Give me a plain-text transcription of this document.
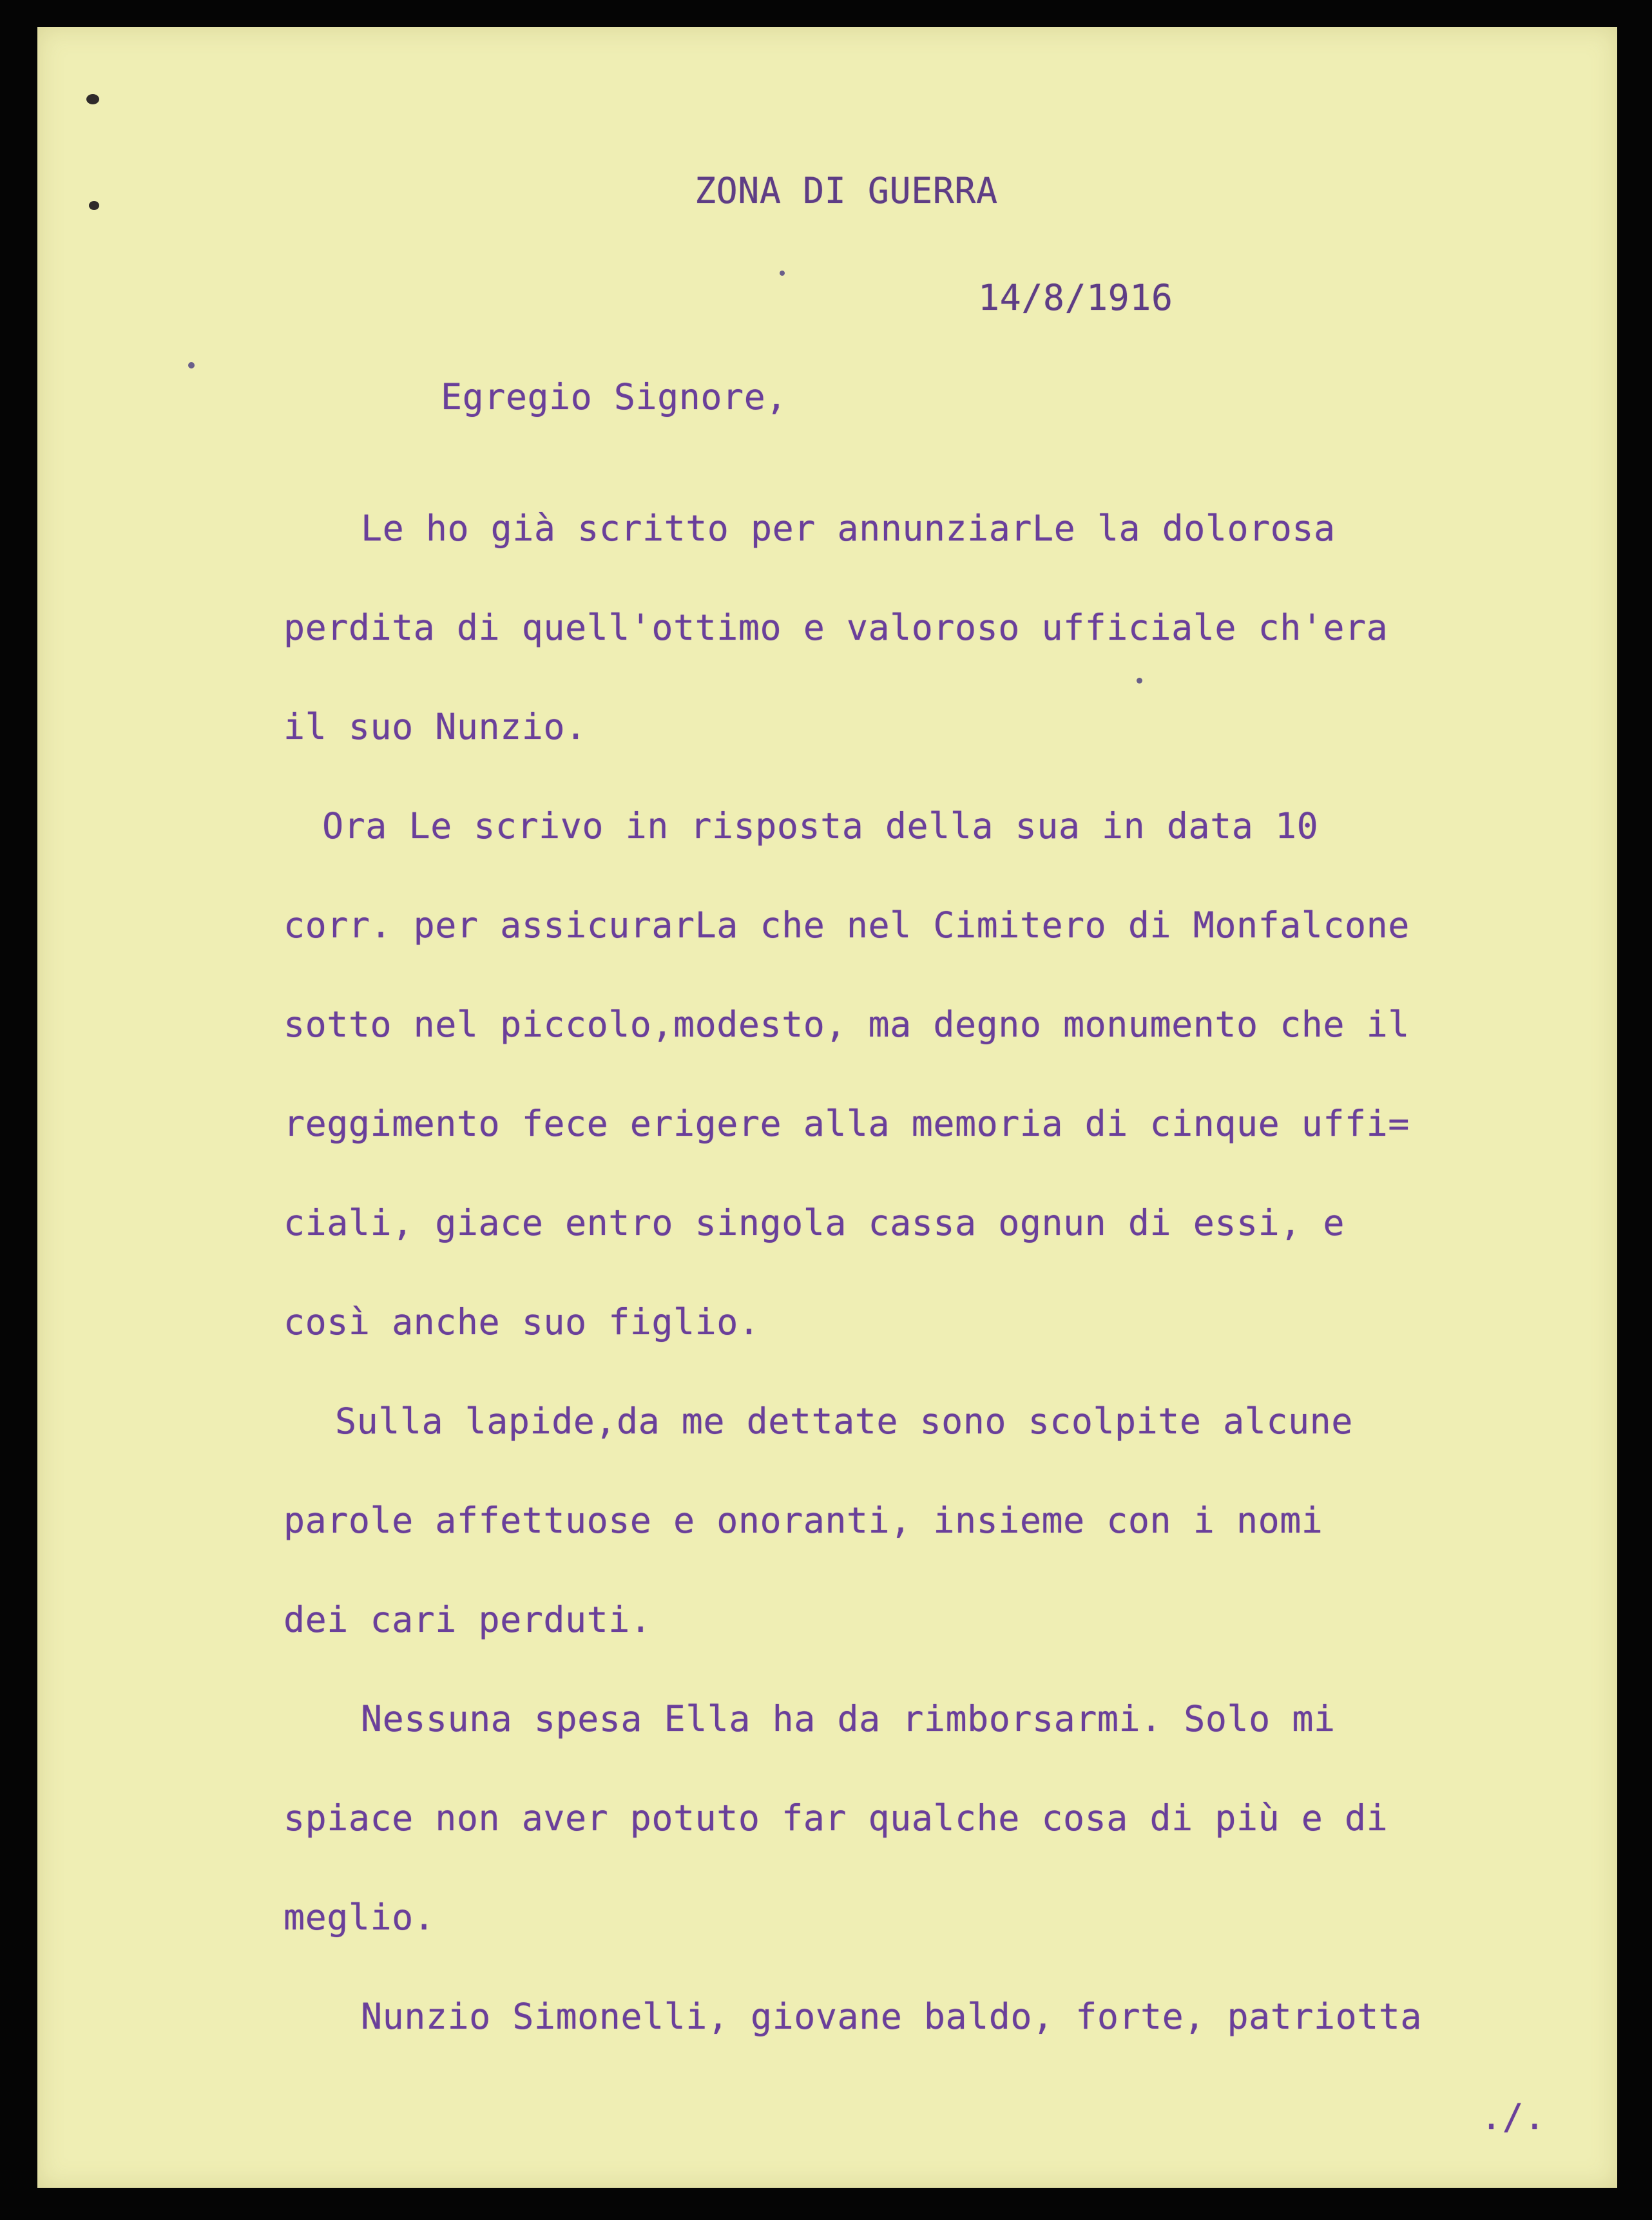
ZONA DI GUERRA
14/8/1916
Egregio Signore,
Le ho già scritto per annunziarLe la dolorosa
perdita di quell'ottimo e valoroso ufficiale ch'era
il suo Nunzio.
Ora Le scrivo in risposta della sua in data 10
corr. per assicurarLa che nel Cimitero di Monfalcone
sotto nel piccolo,modesto, ma degno monumento che il
reggimento fece erigere alla memoria di cinque uffi=
ciali, giace entro singola cassa ognun di essi, e
così anche suo figlio.
Sulla lapide,da me dettate sono scolpite alcune
parole affettuose e onoranti, insieme con i nomi
dei cari perduti.
Nessuna spesa Ella ha da rimborsarmi. Solo mi
spiace non aver potuto far qualche cosa di più e di
meglio.
Nunzio Simonelli, giovane baldo, forte, patriotta
./.
